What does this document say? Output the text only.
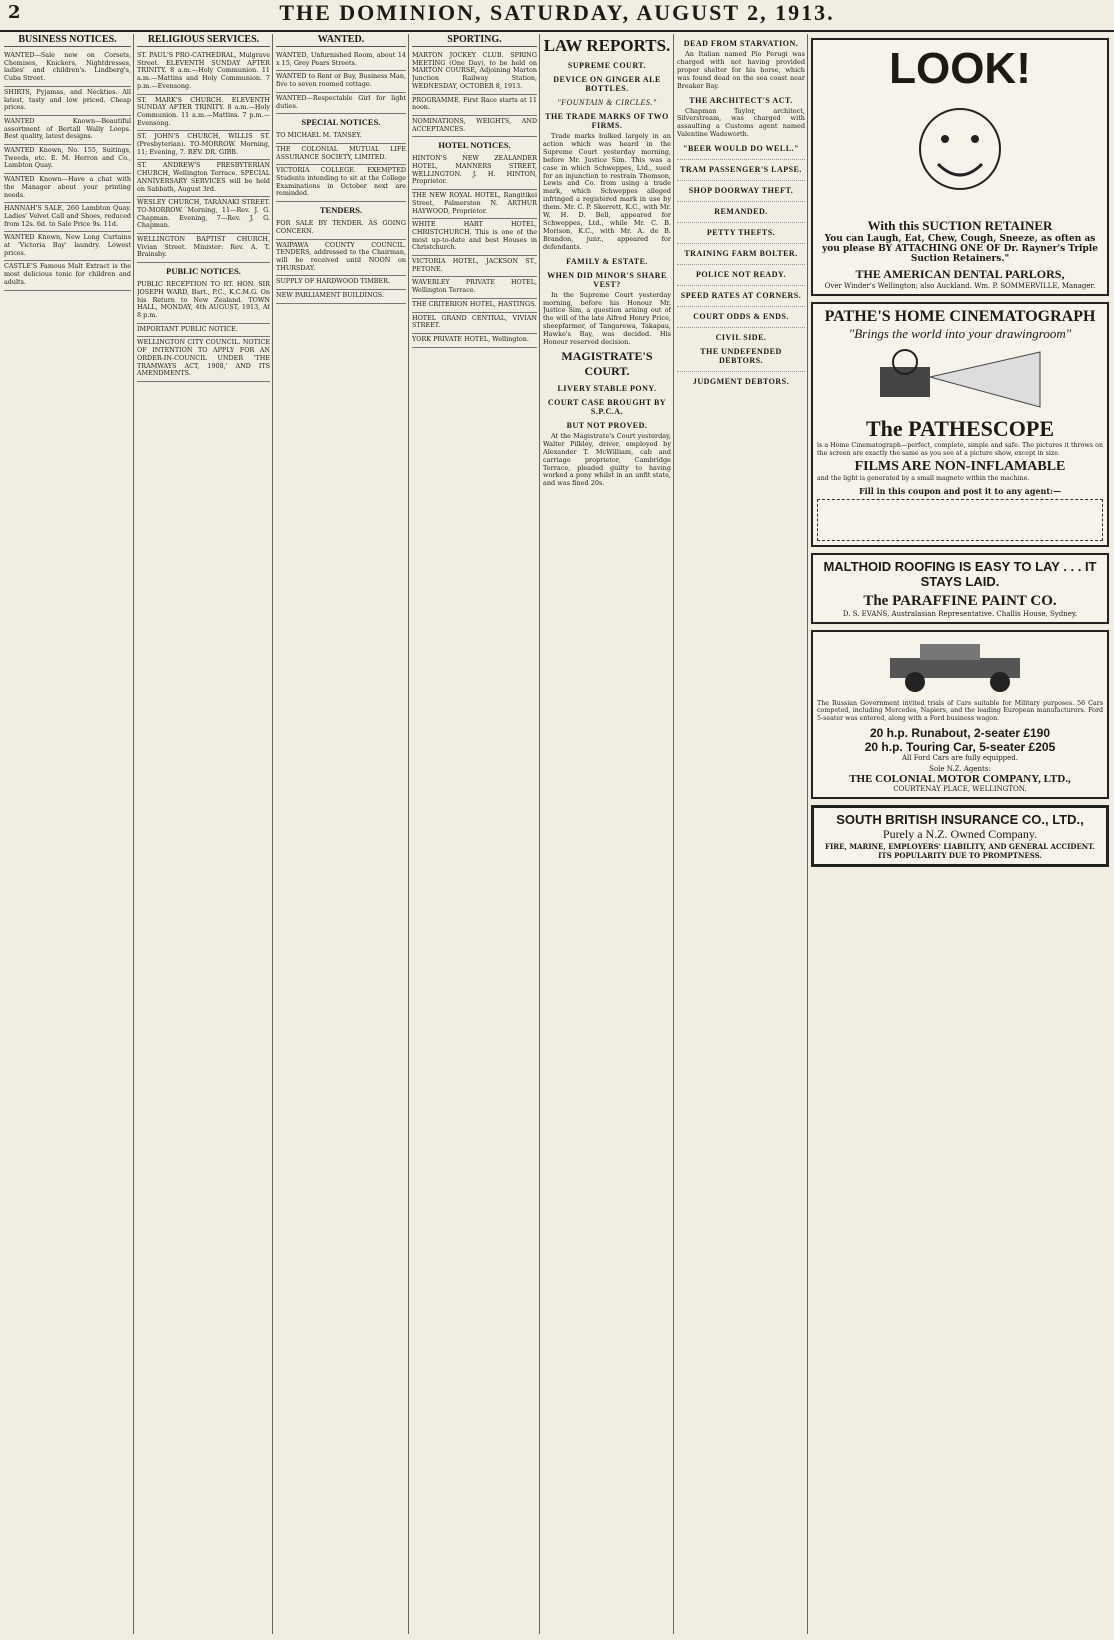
2	THE DOMINION, SATURDAY, AUGUST 2, 1913.
BUSINESS NOTICES.
WANTED—Sale new on Corsets, Chemises, Knickers, Nightdresses, ladies' and children's. Lindberg's, Cuba Street.
SHIRTS, Pyjamas, and Neckties. All latest, tasty and low priced. Cheap prices.
WANTED Known—Beautiful assortment of Bertall Wally Loops. Best quality, latest designs.
WANTED Known, No. 155, Suitings, Tweeds, etc. E. M. Herron and Co., Lambton Quay.
WANTED Known—Have a chat with the Manager about your printing needs.
HANNAH'S SALE, 260 Lambton Quay. Ladies' Velvet Call and Shoes, reduced from 12s. 6d. to Sale Price 9s. 11d.
WANTED Known, New Long Curtains at 'Victoria Bay' laundry. Lowest prices.
CASTLE'S Famous Malt Extract is the most delicious tonic for children and adults.
RELIGIOUS SERVICES.
ST. PAUL'S PRO-CATHEDRAL, Mulgrave Street. ELEVENTH SUNDAY AFTER TRINITY. 8 a.m.—Holy Communion. 11 a.m.—Mattins and Holy Communion. 7 p.m.—Evensong.
ST. MARK'S CHURCH. ELEVENTH SUNDAY AFTER TRINITY. 8 a.m.—Holy Communion. 11 a.m.—Mattins. 7 p.m.—Evensong.
ST. JOHN'S CHURCH, WILLIS ST. (Presbyterian). TO-MORROW. Morning, 11; Evening, 7. REV. DR. GIBB.
ST. ANDREW'S PRESBYTERIAN CHURCH, Wellington Terrace. SPECIAL ANNIVERSARY SERVICES will be held on Sabbath, August 3rd.
WESLEY CHURCH, TARANAKI STREET. TO-MORROW. Morning, 11—Rev. J. G. Chapman. Evening, 7—Rev. J. G. Chapman.
WELLINGTON BAPTIST CHURCH, Vivian Street. Minister: Rev. A. T. Brainsby.
PUBLIC NOTICES.
PUBLIC RECEPTION TO RT. HON. SIR JOSEPH WARD, Bart., P.C., K.C.M.G. On his Return to New Zealand. TOWN HALL, MONDAY, 4th AUGUST, 1913, At 8 p.m.
IMPORTANT PUBLIC NOTICE.
WELLINGTON CITY COUNCIL. NOTICE OF INTENTION TO APPLY FOR AN ORDER-IN-COUNCIL UNDER 'THE TRAMWAYS ACT, 1908,' AND ITS AMENDMENTS.
WANTED.
WANTED, Unfurnished Room, about 14 x 15, Grey Pears Streets.
WANTED to Rent or Buy, Business Man, five to seven roomed cottage.
WANTED—Respectable Girl for light duties.
SPECIAL NOTICES.
TO MICHAEL M. TANSEY.
THE COLONIAL MUTUAL LIFE ASSURANCE SOCIETY, LIMITED.
VICTORIA COLLEGE. EXEMPTED Students intending to sit at the College Examinations in October next are reminded.
TENDERS.
FOR SALE BY TENDER. AS GOING CONCERN.
WAIPAWA COUNTY COUNCIL. TENDERS, addressed to the Chairman, will be received until NOON on THURSDAY.
SUPPLY OF HARDWOOD TIMBER.
NEW PARLIAMENT BUILDINGS.
SPORTING.
MARTON JOCKEY CLUB. SPRING MEETING (One Day), to be held on MARTON COURSE, Adjoining Marton Junction Railway Station, WEDNESDAY, OCTOBER 8, 1913.
PROGRAMME. First Race starts at 11 noon.
NOMINATIONS, WEIGHTS, AND ACCEPTANCES.
HOTEL NOTICES.
HINTON'S NEW ZEALANDER HOTEL, MANNERS STREET, WELLINGTON. J. H. HINTON, Proprietor.
THE NEW ROYAL HOTEL, Rangitikei Street, Palmerston N. ARTHUR HAYWOOD, Proprietor.
WHITE HART HOTEL, CHRISTCHURCH. This is one of the most up-to-date and best Houses in Christchurch.
VICTORIA HOTEL, JACKSON ST., PETONE.
WAVERLEY PRIVATE HOTEL, Wellington Terrace.
THE CRITERION HOTEL, HASTINGS.
HOTEL GRAND CENTRAL, VIVIAN STREET.
YORK PRIVATE HOTEL, Wellington.
LAW REPORTS.
SUPREME COURT.
DEVICE ON GINGER ALE BOTTLES.
"FOUNTAIN & CIRCLES."
THE TRADE MARKS OF TWO FIRMS.

Trade marks bulked largely in an action which was heard in the Supreme Court yesterday morning, before Mr. Justice Sim. This was a case in which Schweppes, Ltd., sued for an injunction to restrain Thomson, Lewis and Co. from using a trade mark, which Schweppes alleged infringed a registered mark in use by them. Mr. C. P. Skerrett, K.C., with Mr. W. H. D. Bell, appeared for Schweppes, Ltd., while Mr. C. B. Morison, K.C., with Mr. A. de B. Brandon, junr., appeared for defendants.

FAMILY & ESTATE.
WHEN DID MINOR'S SHARE VEST?

In the Supreme Court yesterday morning, before his Honour Mr. Justice Sim, a question arising out of the will of the late Alfred Henry Price, sheepfarmer, of Tangarewa, Takapau, Hawke's Bay, was decided. His Honour reserved decision.

MAGISTRATE'S COURT.
LIVERY STABLE PONY.
COURT CASE BROUGHT BY S.P.C.A.
BUT NOT PROVED.

At the Magistrate's Court yesterday, Walter Pilkley, driver, employed by Alexander T. McWilliam, cab and carriage proprietor, Cambridge Terrace, pleaded guilty to having worked a pony whilst in an unfit state, and was fined 20s.

DEAD FROM STARVATION.

An Italian named Pio Perugi was charged with not having provided proper shelter for his horse, which was found dead on the sea coast near Breaker Bay.

THE ARCHITECT'S ACT.

Chapman Taylor, architect, Silverstream, was charged with assaulting a Customs agent named Valentine Wadsworth.

"BEER WOULD DO WELL."
TRAM PASSENGER'S LAPSE.
SHOP DOORWAY THEFT.
REMANDED.
PETTY THEFTS.
TRAINING FARM BOLTER.
POLICE NOT READY.
SPEED RATES AT CORNERS.
COURT ODDS & ENDS.
CIVIL SIDE.
THE UNDEFENDED DEBTORS.
JUDGMENT DEBTORS.
LOOK!
With this SUCTION RETAINER
You can Laugh, Eat, Chew, Cough, Sneeze, as often as you please BY ATTACHING ONE OF Dr. Rayner's Triple Suction Retainers."
THE AMERICAN DENTAL PARLORS,
Over Winder's Wellington; also Auckland. Wm. P. SOMMERVILLE, Manager.
PATHE'S HOME CINEMATOGRAPH
"Brings the world into your drawingroom"
The PATHESCOPE
is a Home Cinematograph—perfect, complete, simple and safe. The pictures it throws on the screen are exactly the same as you see at a picture show, except in size.
FILMS ARE NON-INFLAMABLE
and the light is generated by a small magneto within the machine.
Fill in this coupon and post it to any agent:—
MALTHOID ROOFING IS EASY TO LAY . . . IT STAYS LAID.
The PARAFFINE PAINT CO.
D. S. EVANS, Australasian Representative. Challis House, Sydney.
The Russian Government invited trials of Cars suitable for Military purposes. 56 Cars competed, including Mercedes, Napiers, and the leading European manufacturers. Ford 5-seater was entered, along with a Ford business wagon.
20 h.p. Runabout, 2-seater £190
20 h.p. Touring Car, 5-seater £205
All Ford Cars are fully equipped.
Sole N.Z. Agents:
THE COLONIAL MOTOR COMPANY, LTD.,
COURTENAY PLACE, WELLINGTON.
SOUTH BRITISH INSURANCE CO., LTD.,
Purely a N.Z. Owned Company.
FIRE, MARINE, EMPLOYERS' LIABILITY, AND GENERAL ACCIDENT. ITS POPULARITY DUE TO PROMPTNESS.
